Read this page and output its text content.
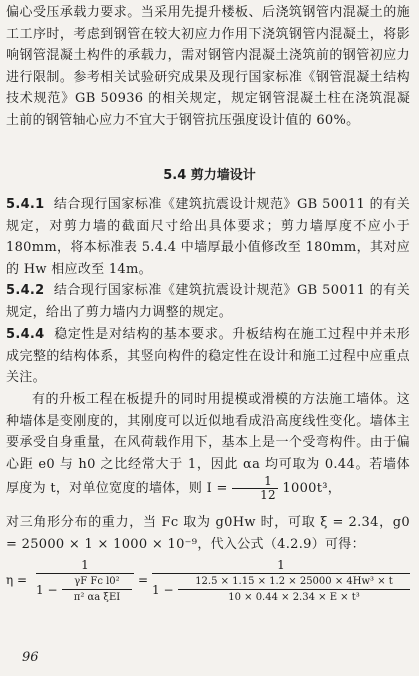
偏心受压承载力要求。当采用先提升楼板、后浇筑钢管内混凝土的施工工序时，考虑到钢管在较大初应力作用下浇筑钢管内混凝土，将影响钢管混凝土构件的承载力，需对钢管内混凝土浇筑前的钢管初应力进行限制。参考相关试验研究成果及现行国家标准《钢管混凝土结构技术规范》GB 50936 的相关规定，规定钢管混凝土柱在浇筑混凝土前的钢管轴心应力不宜大于钢管抗压强度设计值的 60%。

5.4 剪力墙设计

5.4.1 结合现行国家标准《建筑抗震设计规范》GB 50011 的有关规定，对剪力墙的截面尺寸给出具体要求；剪力墙厚度不应小于 180mm，将本标准表 5.4.4 中墙厚最小值修改至 180mm，其对应的 Hw 相应改至 14m。

5.4.2 结合现行国家标准《建筑抗震设计规范》GB 50011 的有关规定，给出了剪力墙内力调整的规定。

5.4.4 稳定性是对结构的基本要求。升板结构在施工过程中并未形成完整的结构体系，其竖向构件的稳定性在设计和施工过程中应重点关注。

有的升板工程在板提升的同时用提模或滑模的方法施工墙体。这种墙体是变刚度的，其刚度可以近似地看成沿高度线性变化。墙体主要承受自身重量，在风荷载作用下，基本上是一个受弯构件。由于偏心距 e0 与 h0 之比经常大于 1，因此 αa 均可取为 0.44。若墙体厚度为 t，对单位宽度的墙体，则 $I = \frac{1}{12} 1000t^3$，

对三角形分布的重力，当 Fc 取为 g0Hw 时，可取 ξ = 2.34，g0 = 25000 × 1 × 1000 × 10⁻⁹，代入公式（4.2.9）可得：

η =
1
1 −
γF Fc l0²
π² αa ξEI
=
1
1 −
12.5 × 1.15 × 1.2 × 25000 × 4Hw³ × t
10 × 0.44 × 2.34 × E × t³
96
